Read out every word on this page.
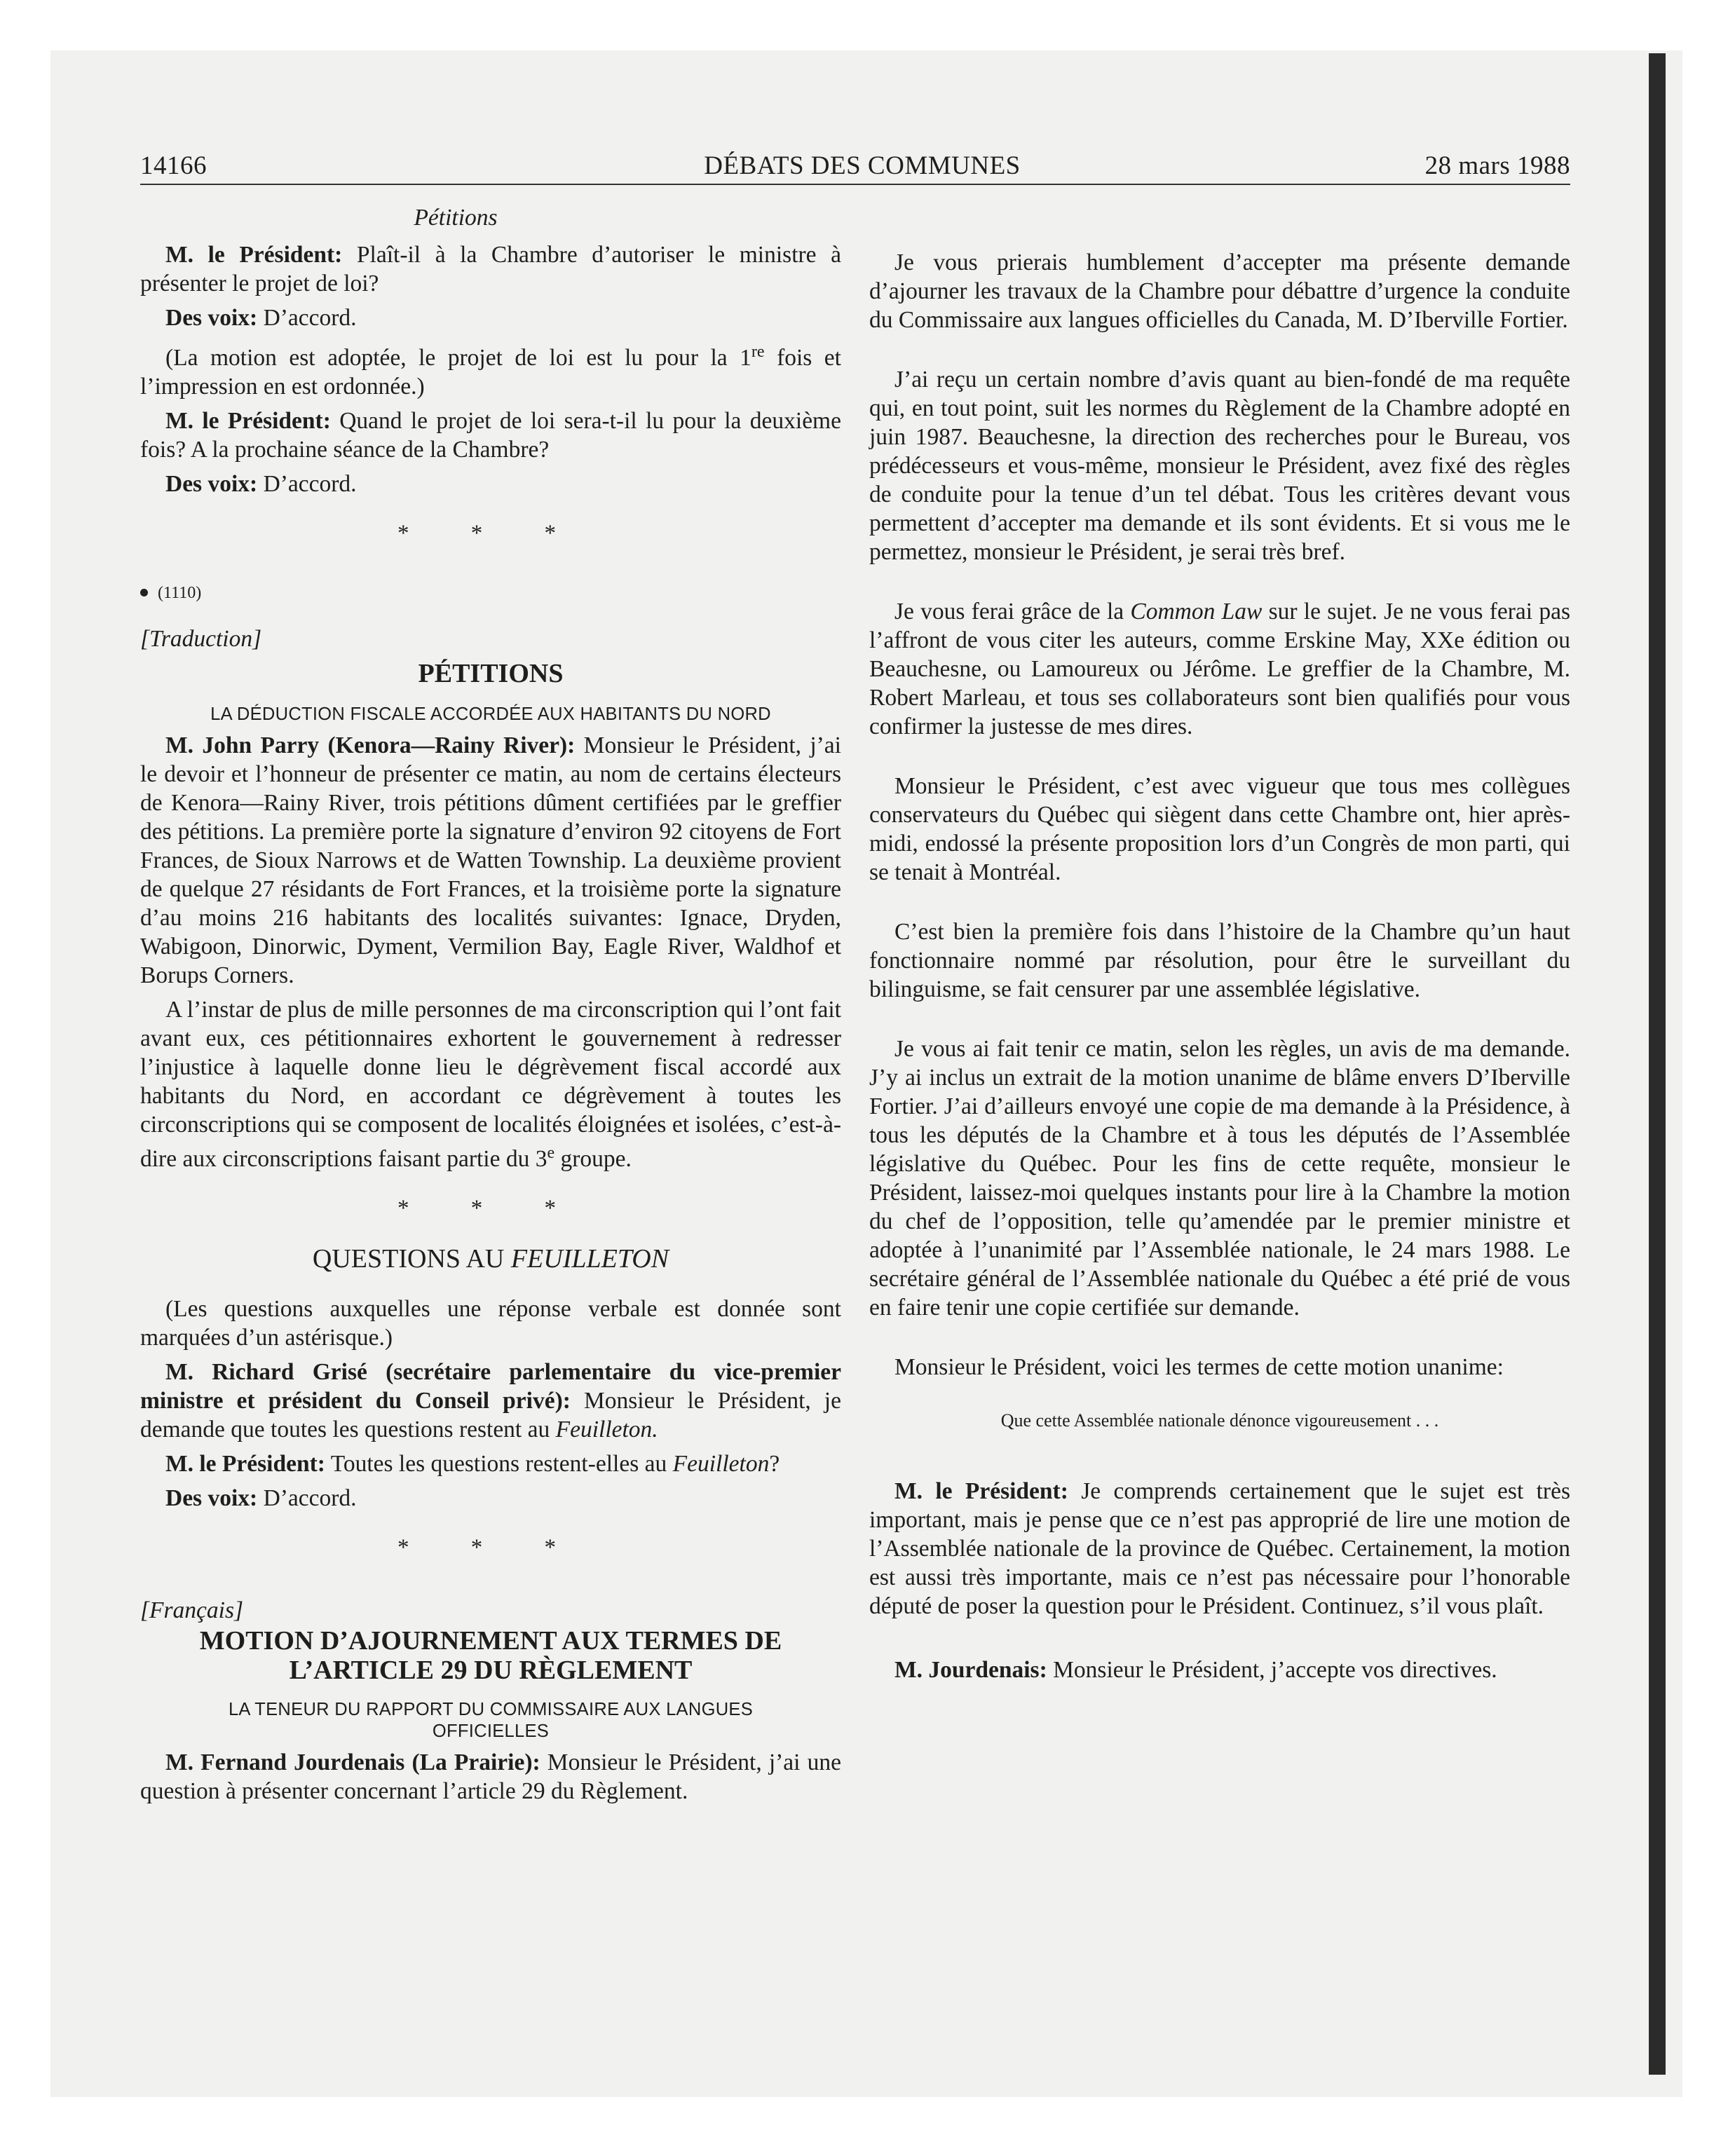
14166	DÉBATS DES COMMUNES	28 mars 1988

Pétitions

M. le Président: Plaît-il à la Chambre d’autoriser le ministre à présenter le projet de loi?

Des voix: D’accord.

(La motion est adoptée, le projet de loi est lu pour la 1re fois et l’impression en est ordonnée.)

M. le Président: Quand le projet de loi sera-t-il lu pour la deuxième fois? A la prochaine séance de la Chambre?

Des voix: D’accord.

* * *

(1110)

[Traduction]

PÉTITIONS

LA DÉDUCTION FISCALE ACCORDÉE AUX HABITANTS DU NORD

M. John Parry (Kenora—Rainy River): Monsieur le Président, j’ai le devoir et l’honneur de présenter ce matin, au nom de certains électeurs de Kenora—Rainy River, trois pétitions dûment certifiées par le greffier des pétitions. La première porte la signature d’environ 92 citoyens de Fort Frances, de Sioux Narrows et de Watten Township. La deuxième provient de quelque 27 résidants de Fort Frances, et la troisième porte la signature d’au moins 216 habitants des localités suivantes: Ignace, Dryden, Wabigoon, Dinorwic, Dyment, Vermilion Bay, Eagle River, Waldhof et Borups Corners.

A l’instar de plus de mille personnes de ma circonscription qui l’ont fait avant eux, ces pétitionnaires exhortent le gouvernement à redresser l’injustice à laquelle donne lieu le dégrèvement fiscal accordé aux habitants du Nord, en accordant ce dégrèvement à toutes les circonscriptions qui se composent de localités éloignées et isolées, c’est-à-dire aux circonscriptions faisant partie du 3e groupe.

* * *

QUESTIONS AU FEUILLETON

(Les questions auxquelles une réponse verbale est donnée sont marquées d’un astérisque.)

M. Richard Grisé (secrétaire parlementaire du vice-premier ministre et président du Conseil privé): Monsieur le Président, je demande que toutes les questions restent au Feuilleton.

M. le Président: Toutes les questions restent-elles au Feuilleton?

Des voix: D’accord.

* * *

[Français]

MOTION D’AJOURNEMENT AUX TERMES DE

L’ARTICLE 29 DU RÈGLEMENT

LA TENEUR DU RAPPORT DU COMMISSAIRE AUX LANGUES

OFFICIELLES

M. Fernand Jourdenais (La Prairie): Monsieur le Président, j’ai une question à présenter concernant l’article 29 du Règlement.

Je vous prierais humblement d’accepter ma présente demande d’ajourner les travaux de la Chambre pour débattre d’urgence la conduite du Commissaire aux langues officielles du Canada, M. D’Iberville Fortier.

J’ai reçu un certain nombre d’avis quant au bien-fondé de ma requête qui, en tout point, suit les normes du Règlement de la Chambre adopté en juin 1987. Beauchesne, la direction des recherches pour le Bureau, vos prédécesseurs et vous-même, monsieur le Président, avez fixé des règles de conduite pour la tenue d’un tel débat. Tous les critères devant vous permettent d’accepter ma demande et ils sont évidents. Et si vous me le permettez, monsieur le Président, je serai très bref.

Je vous ferai grâce de la Common Law sur le sujet. Je ne vous ferai pas l’affront de vous citer les auteurs, comme Erskine May, XXe édition ou Beauchesne, ou Lamoureux ou Jérôme. Le greffier de la Chambre, M. Robert Marleau, et tous ses collaborateurs sont bien qualifiés pour vous confirmer la justesse de mes dires.

Monsieur le Président, c’est avec vigueur que tous mes collègues conservateurs du Québec qui siègent dans cette Chambre ont, hier après-midi, endossé la présente proposition lors d’un Congrès de mon parti, qui se tenait à Montréal.

C’est bien la première fois dans l’histoire de la Chambre qu’un haut fonctionnaire nommé par résolution, pour être le surveillant du bilinguisme, se fait censurer par une assemblée législative.

Je vous ai fait tenir ce matin, selon les règles, un avis de ma demande. J’y ai inclus un extrait de la motion unanime de blâme envers D’Iberville Fortier. J’ai d’ailleurs envoyé une copie de ma demande à la Présidence, à tous les députés de la Chambre et à tous les députés de l’Assemblée législative du Québec. Pour les fins de cette requête, monsieur le Président, laissez-moi quelques instants pour lire à la Chambre la motion du chef de l’opposition, telle qu’amendée par le premier ministre et adoptée à l’unanimité par l’Assemblée nationale, le 24 mars 1988. Le secrétaire général de l’Assemblée nationale du Québec a été prié de vous en faire tenir une copie certifiée sur demande.

Monsieur le Président, voici les termes de cette motion unanime:

Que cette Assemblée nationale dénonce vigoureusement . . .

M. le Président: Je comprends certainement que le sujet est très important, mais je pense que ce n’est pas approprié de lire une motion de l’Assemblée nationale de la province de Québec. Certainement, la motion est aussi très importante, mais ce n’est pas nécessaire pour l’honorable député de poser la question pour le Président. Continuez, s’il vous plaît.

M. Jourdenais: Monsieur le Président, j’accepte vos directives.
